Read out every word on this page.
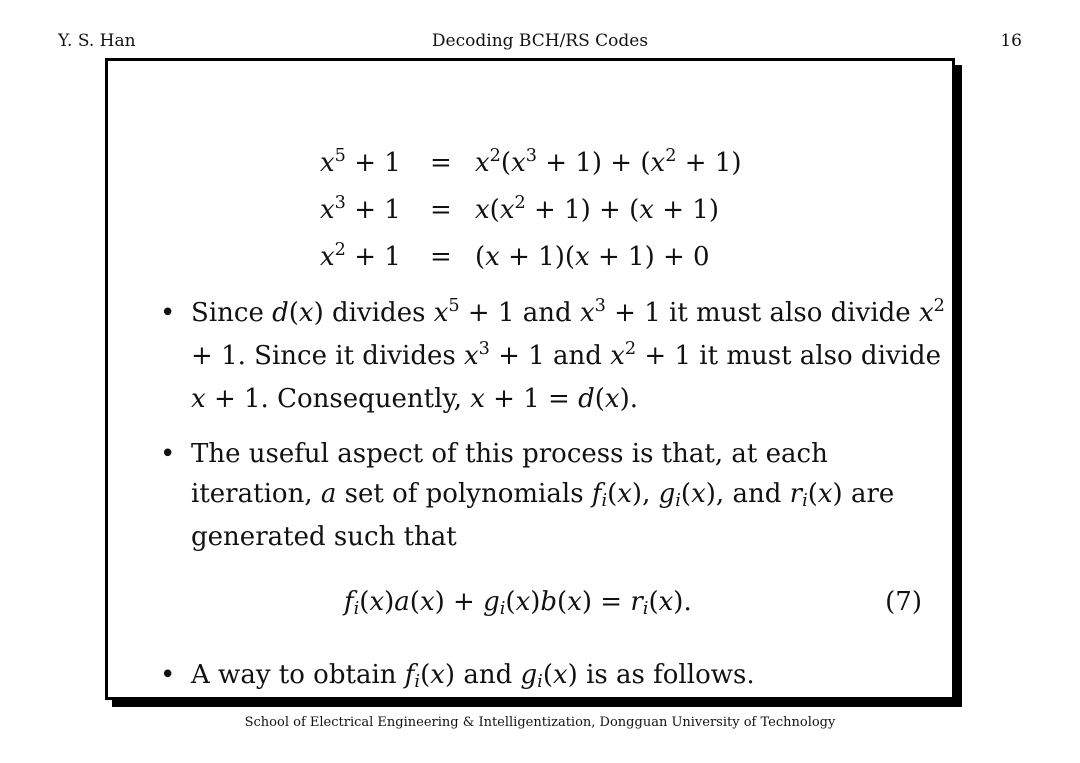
Y. S. Han	Decoding BCH/RS Codes	16
$x^5 + 1$	= $x^2(x^3 + 1) + (x^2 + 1)$
$x^3 + 1$	= $x(x^2 + 1) + (x + 1)$
$x^2 + 1$	= (x + 1)(x + 1) + 0
• Since d(x) divides $x^5 + 1$ and $x^3 + 1$ it must also divide $x^2 + 1$. Since it divides $x^3 + 1$ and $x^2 + 1$ it must also divide x + 1. Consequently, x + 1 = d(x).
• The useful aspect of this process is that, at each iteration, a set of polynomials $f_i(x)$, $g_i(x)$, and $r_i(x)$ are generated such that
$f_i(x)a(x) + g_i(x)b(x) = r_i(x)$.	(7)
• A way to obtain $f_i(x)$ and $g_i(x)$ is as follows.
School of Electrical Engineering & Intelligentization, Dongguan University of Technology
